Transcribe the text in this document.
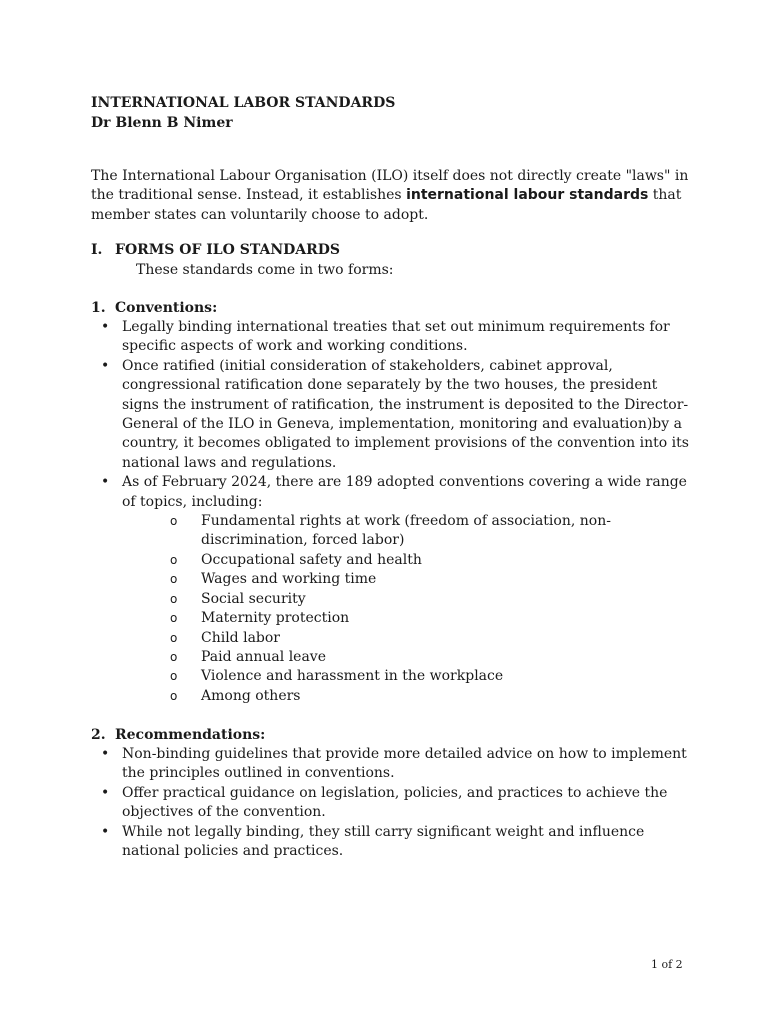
INTERNATIONAL LABOR STANDARDS
Dr Blenn B Nimer

The International Labour Organisation (ILO) itself does not directly create "laws" in the traditional sense. Instead, it establishes international labour standards that member states can voluntarily choose to adopt.

I. FORMS OF ILO STANDARDS
These standards come in two forms:
1. Conventions:
• Legally binding international treaties that set out minimum requirements for specific aspects of work and working conditions.
• Once ratified (initial consideration of stakeholders, cabinet approval, congressional ratification done separately by the two houses, the president signs the instrument of ratification, the instrument is deposited to the Director-General of the ILO in Geneva, implementation, monitoring and evaluation)by a country, it becomes obligated to implement provisions of the convention into its national laws and regulations.
• As of February 2024, there are 189 adopted conventions covering a wide range of topics, including:
o Fundamental rights at work (freedom of association, non-discrimination, forced labor)
o Occupational safety and health
o Wages and working time
o Social security
o Maternity protection
o Child labor
o Paid annual leave
o Violence and harassment in the workplace
o Among others
2. Recommendations:
• Non-binding guidelines that provide more detailed advice on how to implement the principles outlined in conventions.
• Offer practical guidance on legislation, policies, and practices to achieve the objectives of the convention.
• While not legally binding, they still carry significant weight and influence national policies and practices.
1 of 2
